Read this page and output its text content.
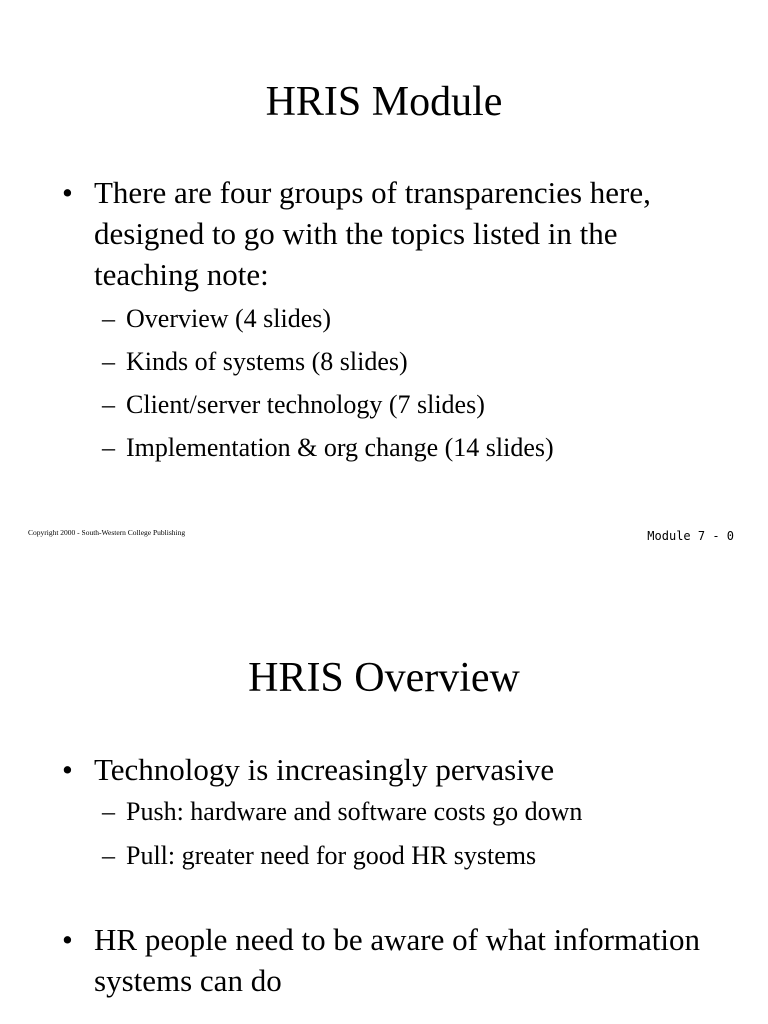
HRIS Module
• There are four groups of transparencies here, designed to go with the topics listed in the teaching note:
– Overview (4 slides)
– Kinds of systems (8 slides)
– Client/server technology (7 slides)
– Implementation & org change (14 slides)
Copyright 2000 - South-Western College Publishing	Module 7 - 0
HRIS Overview
• Technology is increasingly pervasive
– Push: hardware and software costs go down
– Pull: greater need for good HR systems
• HR people need to be aware of what information systems can do
